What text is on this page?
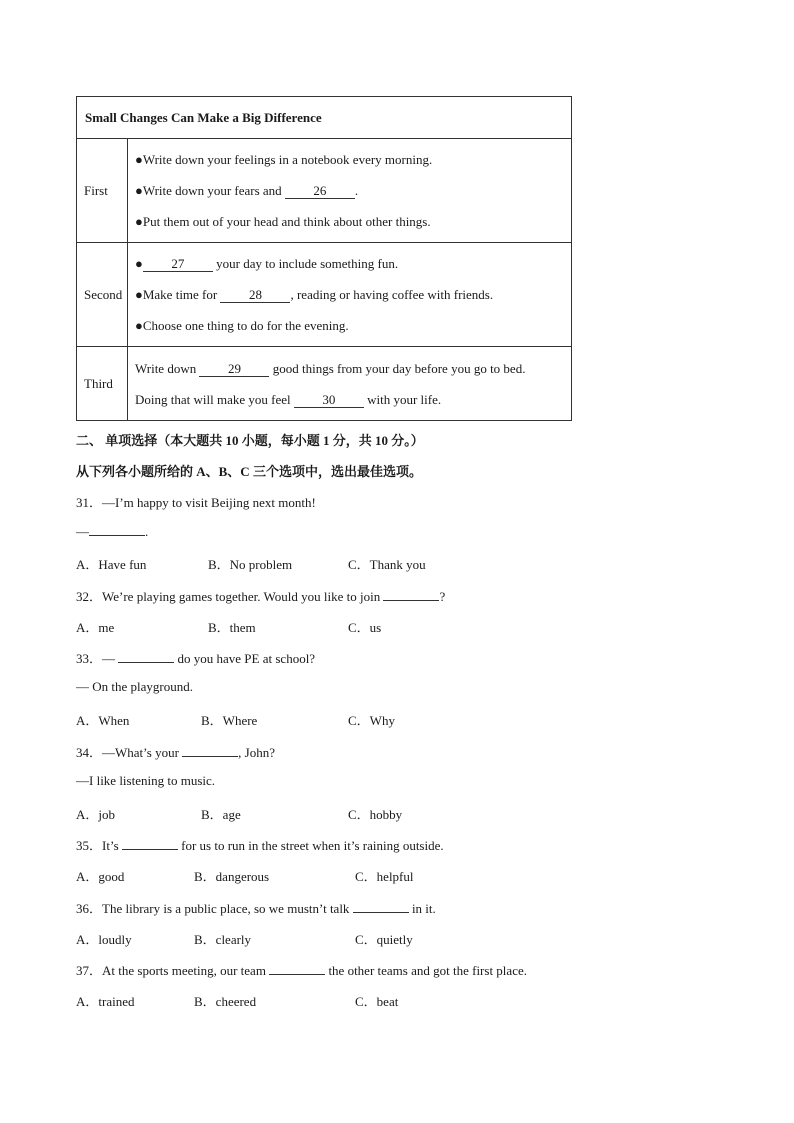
Small Changes Can Make a Big Difference	
First	●Write down your feelings in a notebook every morning.
●Write down your fears and 26 .
●Put them out of your head and think about other things.

Second	● 27 your day to include something fun.
●Make time for 28 , reading or having coffee with friends.
●Choose one thing to do for the evening.

Third	Write down 29 good things from your day before you go to bed.
Doing that will make you feel 30 with your life.
二、 单项选择（本大题共 10 小题，每小题 1 分，共 10 分。）
从下列各小题所给的 A、B、C 三个选项中，选出最佳选项。
31．—I’m happy to visit Beijing next month!
—	.
A．Have fun	B．No problem	C．Thank you
32．We’re playing games together. Would you like to join	?
A．me	B．them	C．us
33．—	do you have PE at school?
— On the playground.
A．When	B．Where	C．Why
34．—What’s your	, John?
—I like listening to music.
A．job	B．age	C．hobby
35．It’s	for us to run in the street when it’s raining outside.
A．good	B．dangerous	C．helpful
36．The library is a public place, so we mustn’t talk	in it.
A．loudly	B．clearly	C．quietly
37．At the sports meeting, our team	the other teams and got the first place.
A．trained	B．cheered	C．beat
